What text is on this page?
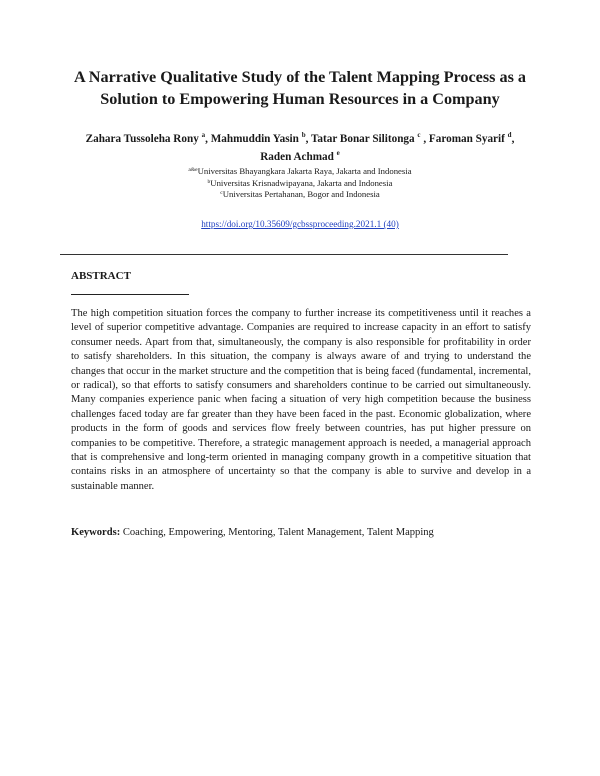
A Narrative Qualitative Study of the Talent Mapping Process as a
Solution to Empowering Human Resources in a Company
Zahara Tussoleha Rony $^a$, Mahmuddin Yasin $^b$, Tatar Bonar Silitonga $^c$ , Faroman Syarif $^d$,
Raden Achmad $^e$
$^{a\&e}$Universitas Bhayangkara Jakarta Raya, Jakarta and Indonesia
$^b$Universitas Krisnadwipayana, Jakarta and Indonesia
$^c$Universitas Pertahanan, Bogor and Indonesia
https://doi.org/10.35609/gcbssproceeding.2021.1 (40)
ABSTRACT
The high competition situation forces the company to further increase its competitiveness until it reaches a level of superior competitive advantage. Companies are required to increase capacity in an effort to satisfy consumer needs. Apart from that, simultaneously, the company is also responsible for profitability in order to satisfy shareholders. In this situation, the company is always aware of and trying to understand the changes that occur in the market structure and the competition that is being faced (fundamental, incremental, or radical), so that efforts to satisfy consumers and shareholders continue to be carried out simultaneously. Many companies experience panic when facing a situation of very high competition because the business challenges faced today are far greater than they have been faced in the past. Economic globalization, where products in the form of goods and services flow freely between countries, has put higher pressure on companies to be competitive. Therefore, a strategic management approach is needed, a managerial approach that is comprehensive and long-term oriented in managing company growth in a competitive situation that contains risks in an atmosphere of uncertainty so that the company is able to survive and develop in a sustainable manner.
Keywords: Coaching, Empowering, Mentoring, Talent Management, Talent Mapping
